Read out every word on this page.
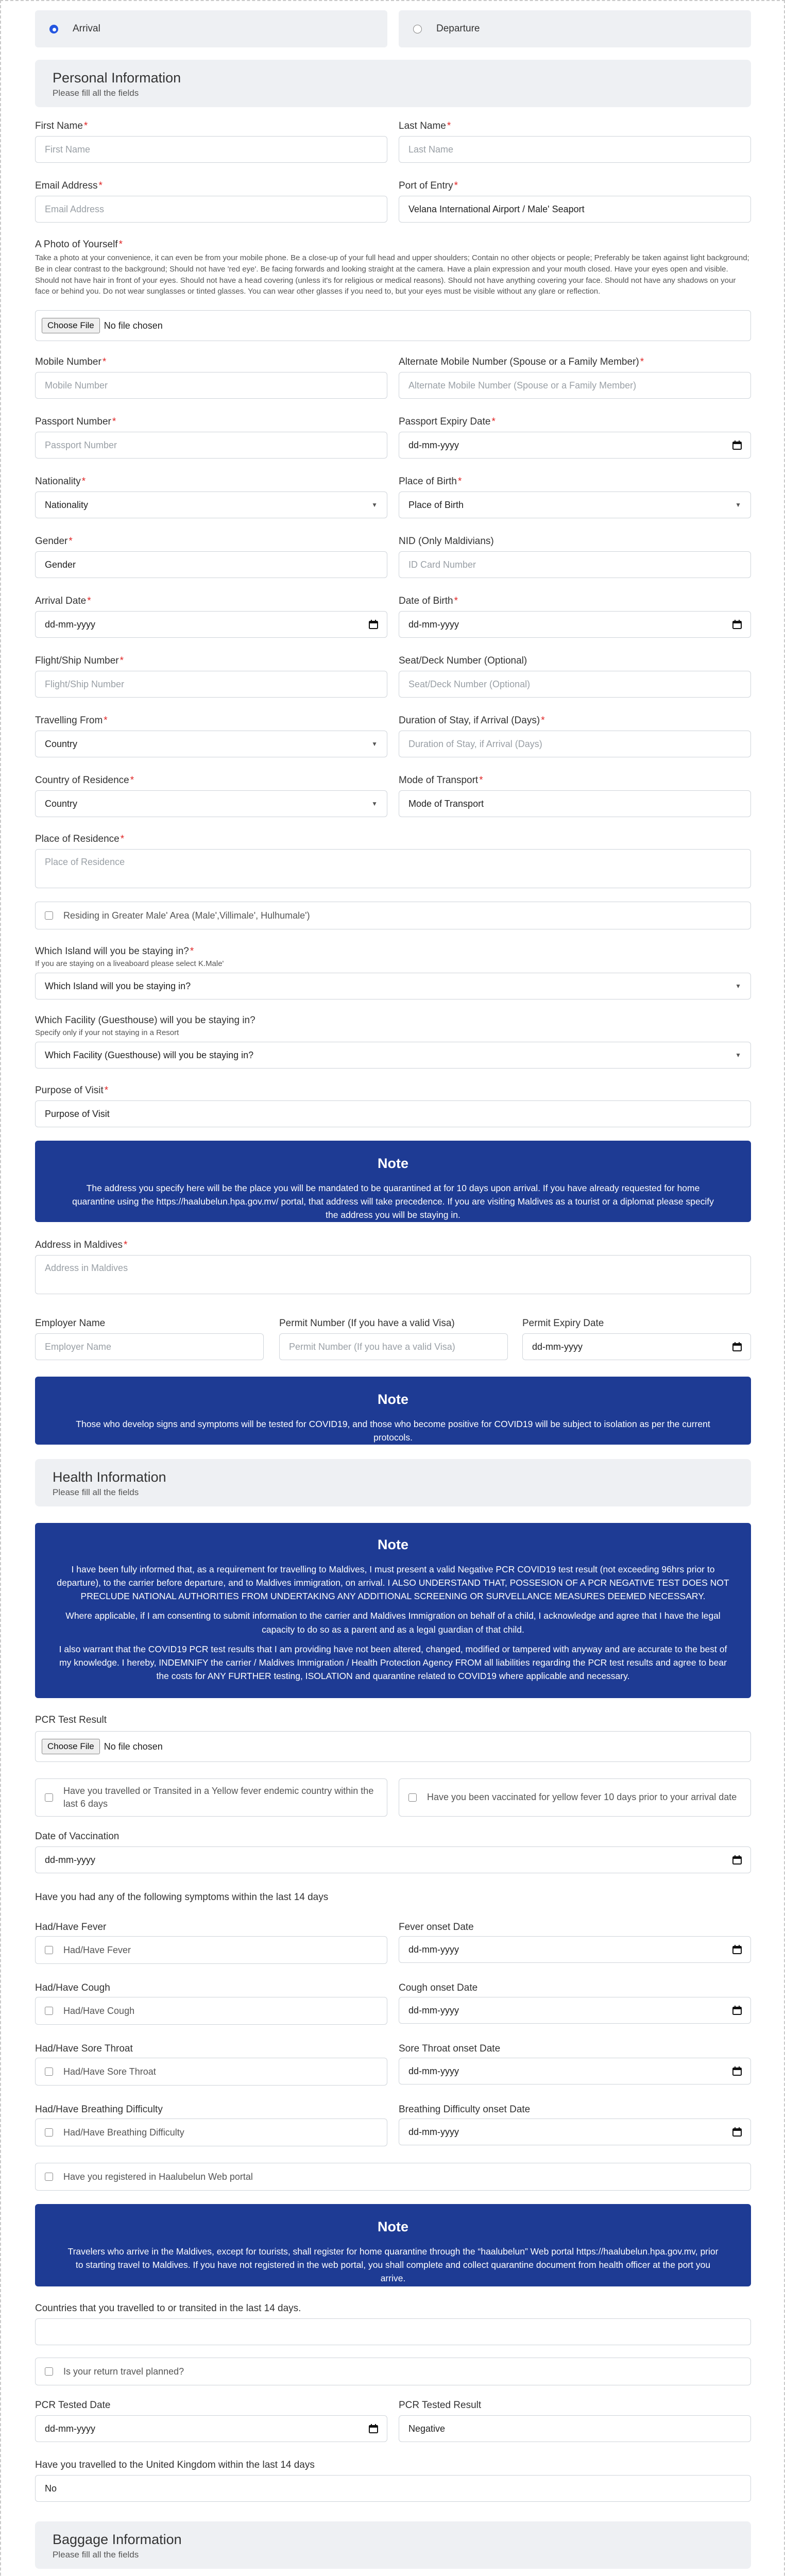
Arrival	Departure
Personal Information
Please fill all the fields
First Name *
First Name
Last Name *
Last Name
Email Address *
Email Address
Port of Entry *
Velana International Airport / Male' Seaport
A Photo of Yourself *
Take a photo at your convenience, it can even be from your mobile phone. Be a close-up of your full head and upper shoulders; Contain no other objects or people; Preferably be taken against light background; Be in clear contrast to the background; Should not have 'red eye'. Be facing forwards and looking straight at the camera. Have a plain expression and your mouth closed. Have your eyes open and visible. Should not have hair in front of your eyes. Should not have a head covering (unless it's for religious or medical reasons). Should not have anything covering your face. Should not have any shadows on your face or behind you. Do not wear sunglasses or tinted glasses. You can wear other glasses if you need to, but your eyes must be visible without any glare or reflection.
Choose File	No file chosen
Mobile Number *
Mobile Number
Alternate Mobile Number (Spouse or a Family Member) *
Alternate Mobile Number (Spouse or a Family Member)
Passport Number *
Passport Number
Passport Expiry Date *
dd-mm-yyyy
Nationality *
Nationality	▼
Place of Birth *
Place of Birth	▼
Gender *
Gender
NID (Only Maldivians)
ID Card Number
Arrival Date *
dd-mm-yyyy
Date of Birth *
dd-mm-yyyy
Flight/Ship Number *
Flight/Ship Number
Seat/Deck Number (Optional)
Seat/Deck Number (Optional)
Travelling From *
Country	▼
Duration of Stay, if Arrival (Days) *
Duration of Stay, if Arrival (Days)
Country of Residence *
Country	▼
Mode of Transport *
Mode of Transport
Place of Residence *
Place of Residence
Residing in Greater Male' Area (Male',Villimale', Hulhumale')
Which Island will you be staying in? *
If you are staying on a liveaboard please select K.Male'
Which Island will you be staying in?	▼
Which Facility (Guesthouse) will you be staying in?
Specify only if your not staying in a Resort
Which Facility (Guesthouse) will you be staying in?	▼
Purpose of Visit *
Purpose of Visit
Note
The address you specify here will be the place you will be mandated to be quarantined at for 10 days upon arrival. If you have already requested for home quarantine using the https://haalubelun.hpa.gov.mv/ portal, that address will take precedence. If you are visiting Maldives as a tourist or a diplomat please specify the address you will be staying in.
Address in Maldives *
Address in Maldives
Employer Name
Employer Name
Permit Number (If you have a valid Visa)
Permit Number (If you have a valid Visa)
Permit Expiry Date
dd-mm-yyyy
Note
Those who develop signs and symptoms will be tested for COVID19, and those who become positive for COVID19 will be subject to isolation as per the current protocols.
Health Information
Please fill all the fields
Note
I have been fully informed that, as a requirement for travelling to Maldives, I must present a valid Negative PCR COVID19 test result (not exceeding 96hrs prior to departure), to the carrier before departure, and to Maldives immigration, on arrival. I ALSO UNDERSTAND THAT, POSSESION OF A PCR NEGATIVE TEST DOES NOT PRECLUDE NATIONAL AUTHORITIES FROM UNDERTAKING ANY ADDITIONAL SCREENING OR SURVELLANCE MEASURES DEEMED NECESSARY.
Where applicable, if I am consenting to submit information to the carrier and Maldives Immigration on behalf of a child, I acknowledge and agree that I have the legal capacity to do so as a parent and as a legal guardian of that child.
I also warrant that the COVID19 PCR test results that I am providing have not been altered, changed, modified or tampered with anyway and are accurate to the best of my knowledge. I hereby, INDEMNIFY the carrier / Maldives Immigration / Health Protection Agency FROM all liabilities regarding the PCR test results and agree to bear the costs for ANY FURTHER testing, ISOLATION and quarantine related to COVID19 where applicable and necessary.
PCR Test Result
Choose File	No file chosen
Have you travelled or Transited in a Yellow fever endemic country within the last 6 days
Have you been vaccinated for yellow fever 10 days prior to your arrival date
Date of Vaccination
dd-mm-yyyy
Have you had any of the following symptoms within the last 14 days
Had/Have Fever
Had/Have Fever
Fever onset Date
dd-mm-yyyy
Had/Have Cough
Had/Have Cough
Cough onset Date
dd-mm-yyyy
Had/Have Sore Throat
Had/Have Sore Throat
Sore Throat onset Date
dd-mm-yyyy
Had/Have Breathing Difficulty
Had/Have Breathing Difficulty
Breathing Difficulty onset Date
dd-mm-yyyy
Have you registered in Haalubelun Web portal
Note
Travelers who arrive in the Maldives, except for tourists, shall register for home quarantine through the “haalubelun” Web portal https://haalubelun.hpa.gov.mv, prior to starting travel to Maldives. If you have not registered in the web portal, you shall complete and collect quarantine document from health officer at the port you arrive.
Countries that you travelled to or transited in the last 14 days.
Is your return travel planned?
PCR Tested Date
dd-mm-yyyy
PCR Tested Result
Negative
Have you travelled to the United Kingdom within the last 14 days
No
Baggage Information
Please fill all the fields
